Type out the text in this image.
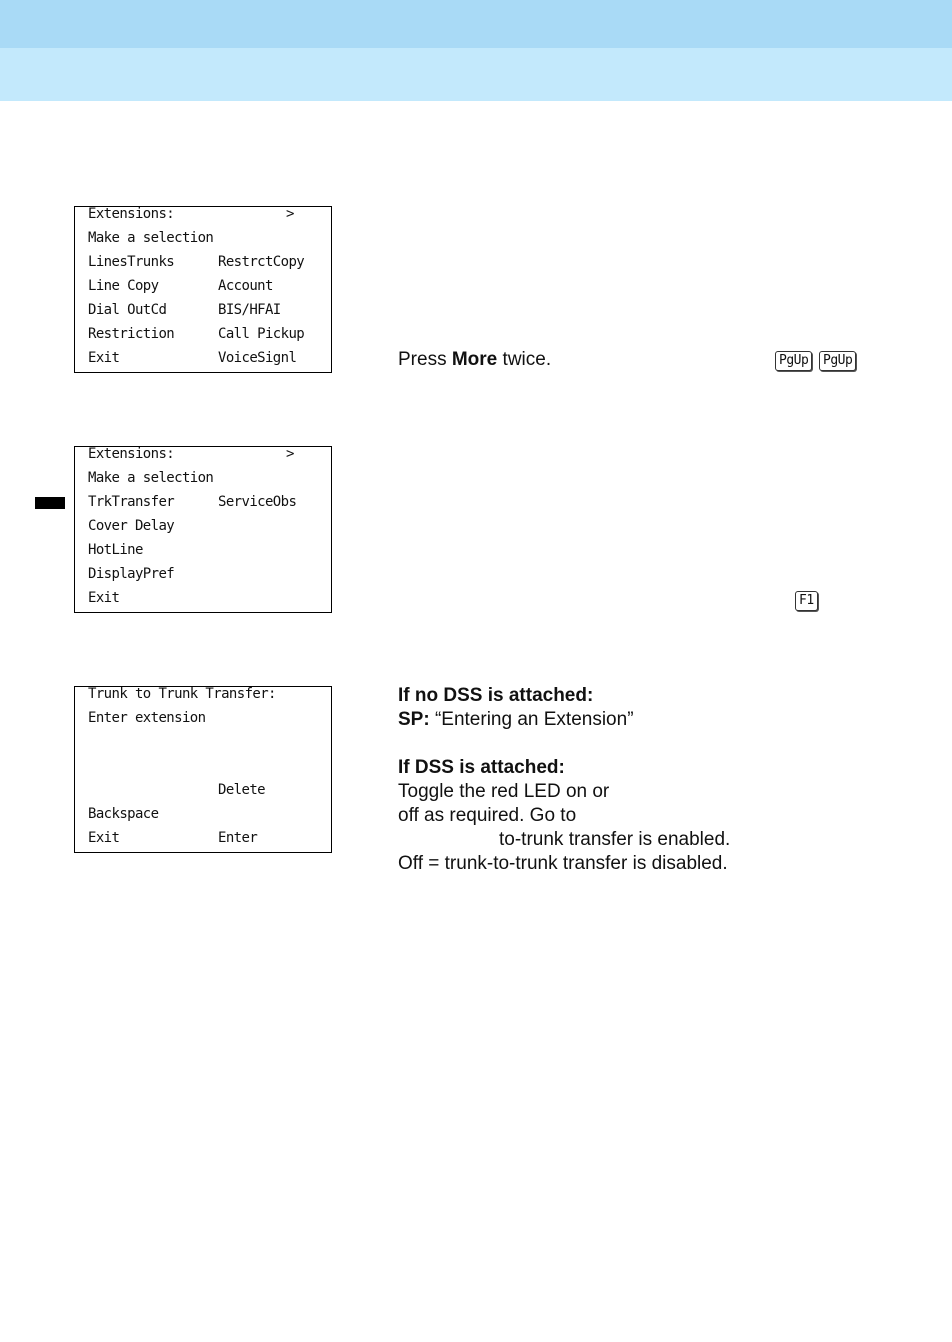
Extensions:	>
Make a selection
LinesTrunks	RestrctCopy
Line Copy	Account
Dial OutCd	BIS/HFAI
Restriction	Call Pickup
Exit	VoiceSignl	Press More twice.	PgUp	PgUp
Extensions:	>
Make a selection
TrkTransfer	ServiceObs
Cover Delay
HotLine
DisplayPref
Exit	F1
Trunk to Trunk Transfer:
Enter extension
Delete
Backspace
Exit	Enter
If no DSS is attached:
SP: “Entering an Extension”
If DSS is attached:
Toggle the red LED on or
off as required. Go to
to-trunk transfer is enabled.
Off = trunk-to-trunk transfer is disabled.
